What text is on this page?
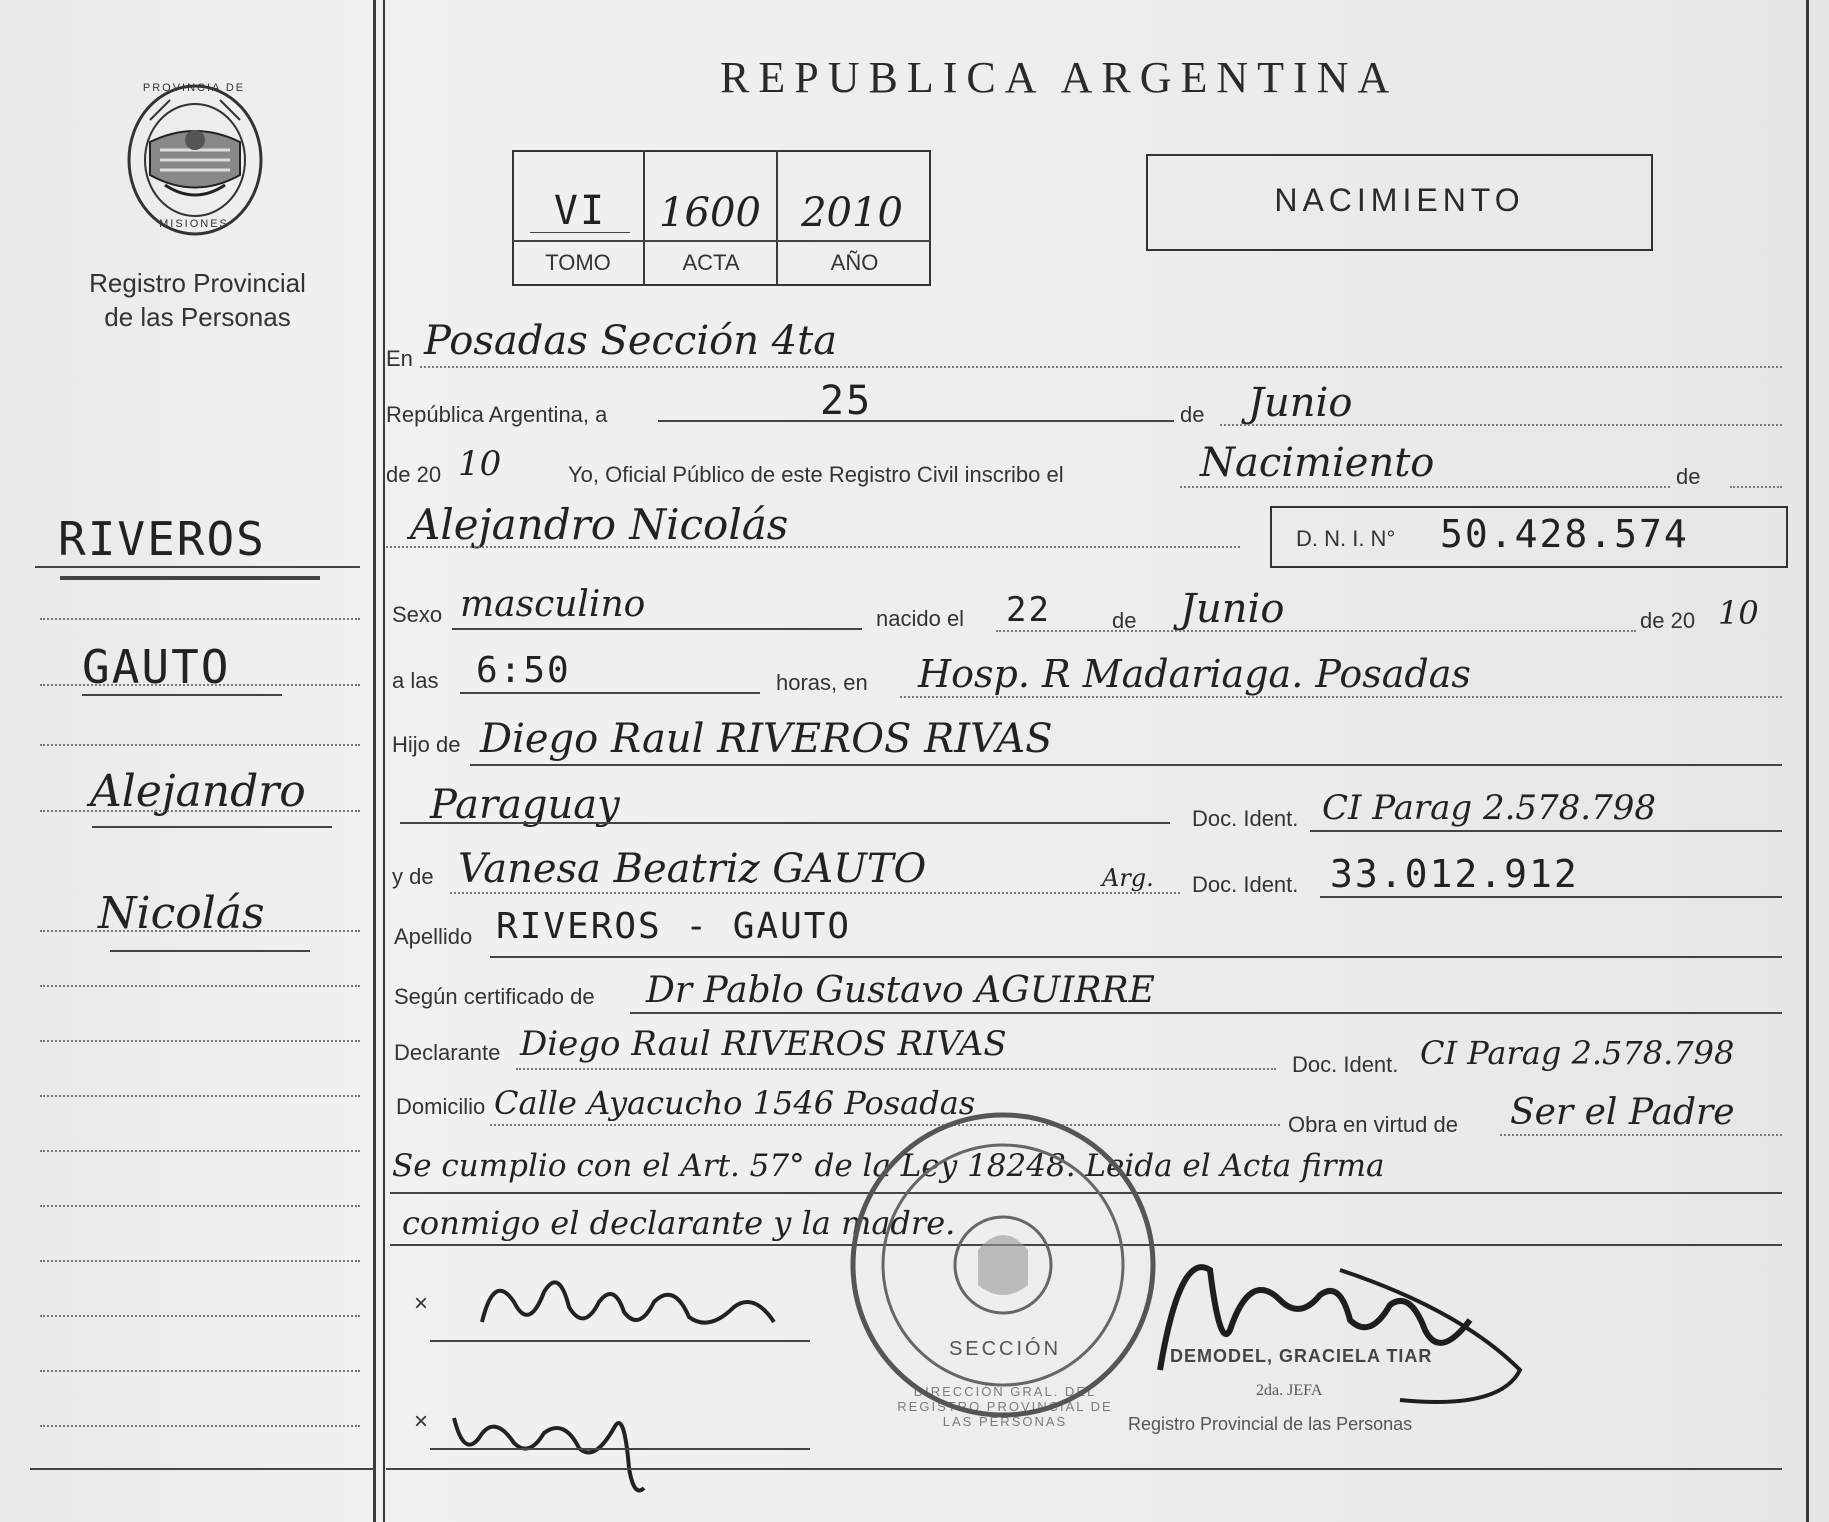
PROVINCIA DE
MISIONES
Registro Provincial
de las Personas
RIVEROS
GAUTO
Alejandro
Nicolás
REPUBLICA ARGENTINA
VI	1600	2010
TOMO	ACTA	AÑO
NACIMIENTO
En Posadas Sección 4ta
República Argentina, a	25	de Junio
de 20 10	Yo, Oficial Público de este Registro Civil inscribo el	Nacimiento	de
Alejandro Nicolás	D. N. I. N° 50.428.574
Sexo masculino	nacido el 22	de Junio	de 20 10
a las 6:50	horas, en Hosp. R Madariaga. Posadas
Hijo de Diego Raul RIVEROS RIVAS
Paraguay	Doc. Ident. CI Parag 2.578.798
y de Vanesa Beatriz GAUTO	Arg. Doc. Ident. 33.012.912
Apellido RIVEROS - GAUTO
Según certificado de Dr Pablo Gustavo AGUIRRE
Declarante Diego Raul RIVEROS RIVAS
Doc. Ident. CI Parag 2.578.798
Domicilio Calle Ayacucho 1546 Posadas
Obra en virtud de Ser el Padre
Se cumplio con el Art. 57° de la Ley 18248. Leida el Acta firma
conmigo el declarante y la madre.
DIRECCIÓN GRAL. DEL REGISTRO PROVINCIAL DE LAS PERSONAS
SECCIÓN
×
×
DEMODEL, GRACIELA TIAR
2da. JEFA
Registro Provincial de las Personas
